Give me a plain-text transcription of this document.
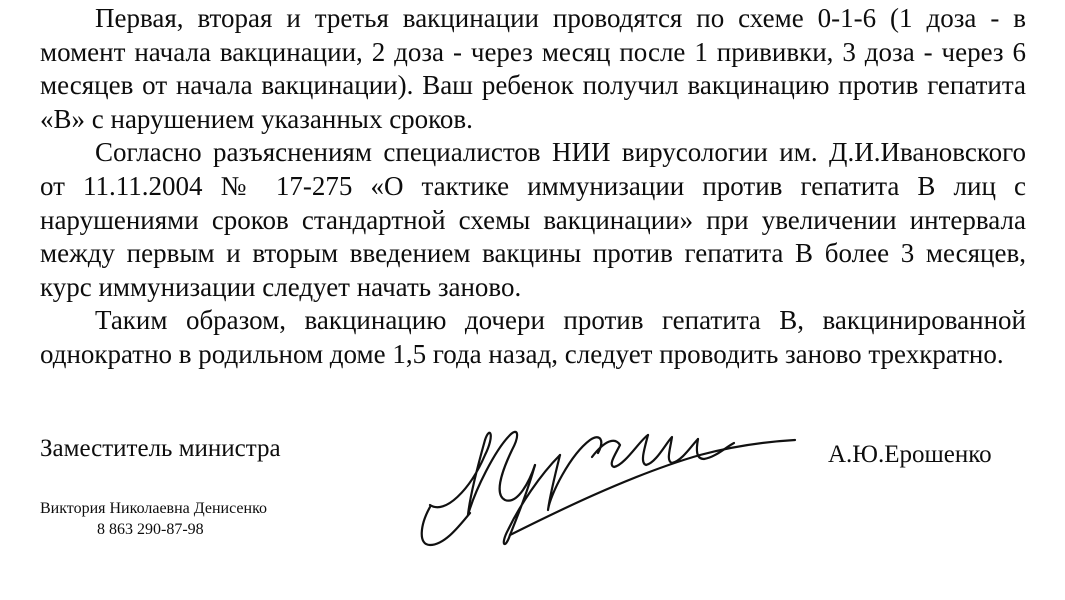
Первая, вторая и третья вакцинации проводятся по схеме 0-1-6 (1 доза - в момент начала вакцинации, 2 доза - через месяц после 1 прививки, 3 доза - через 6 месяцев от начала вакцинации). Ваш ребенок получил вакцинацию против гепатита «В» с нарушением указанных сроков.

Согласно разъяснениям специалистов НИИ вирусологии им. Д.И.Ивановского от 11.11.2004 № 17-275 «О тактике иммунизации против гепатита В лиц с нарушениями сроков стандартной схемы вакцинации» при увеличении интервала между первым и вторым введением вакцины против гепатита В более 3 месяцев, курс иммунизации следует начать заново.

Таким образом, вакцинацию дочери против гепатита В, вакцинированной однократно в родильном доме 1,5 года назад, следует проводить заново трехкратно.

Заместитель министра	А.Ю.Ерошенко
Виктория Николаевна Денисенко
8 863 290-87-98
